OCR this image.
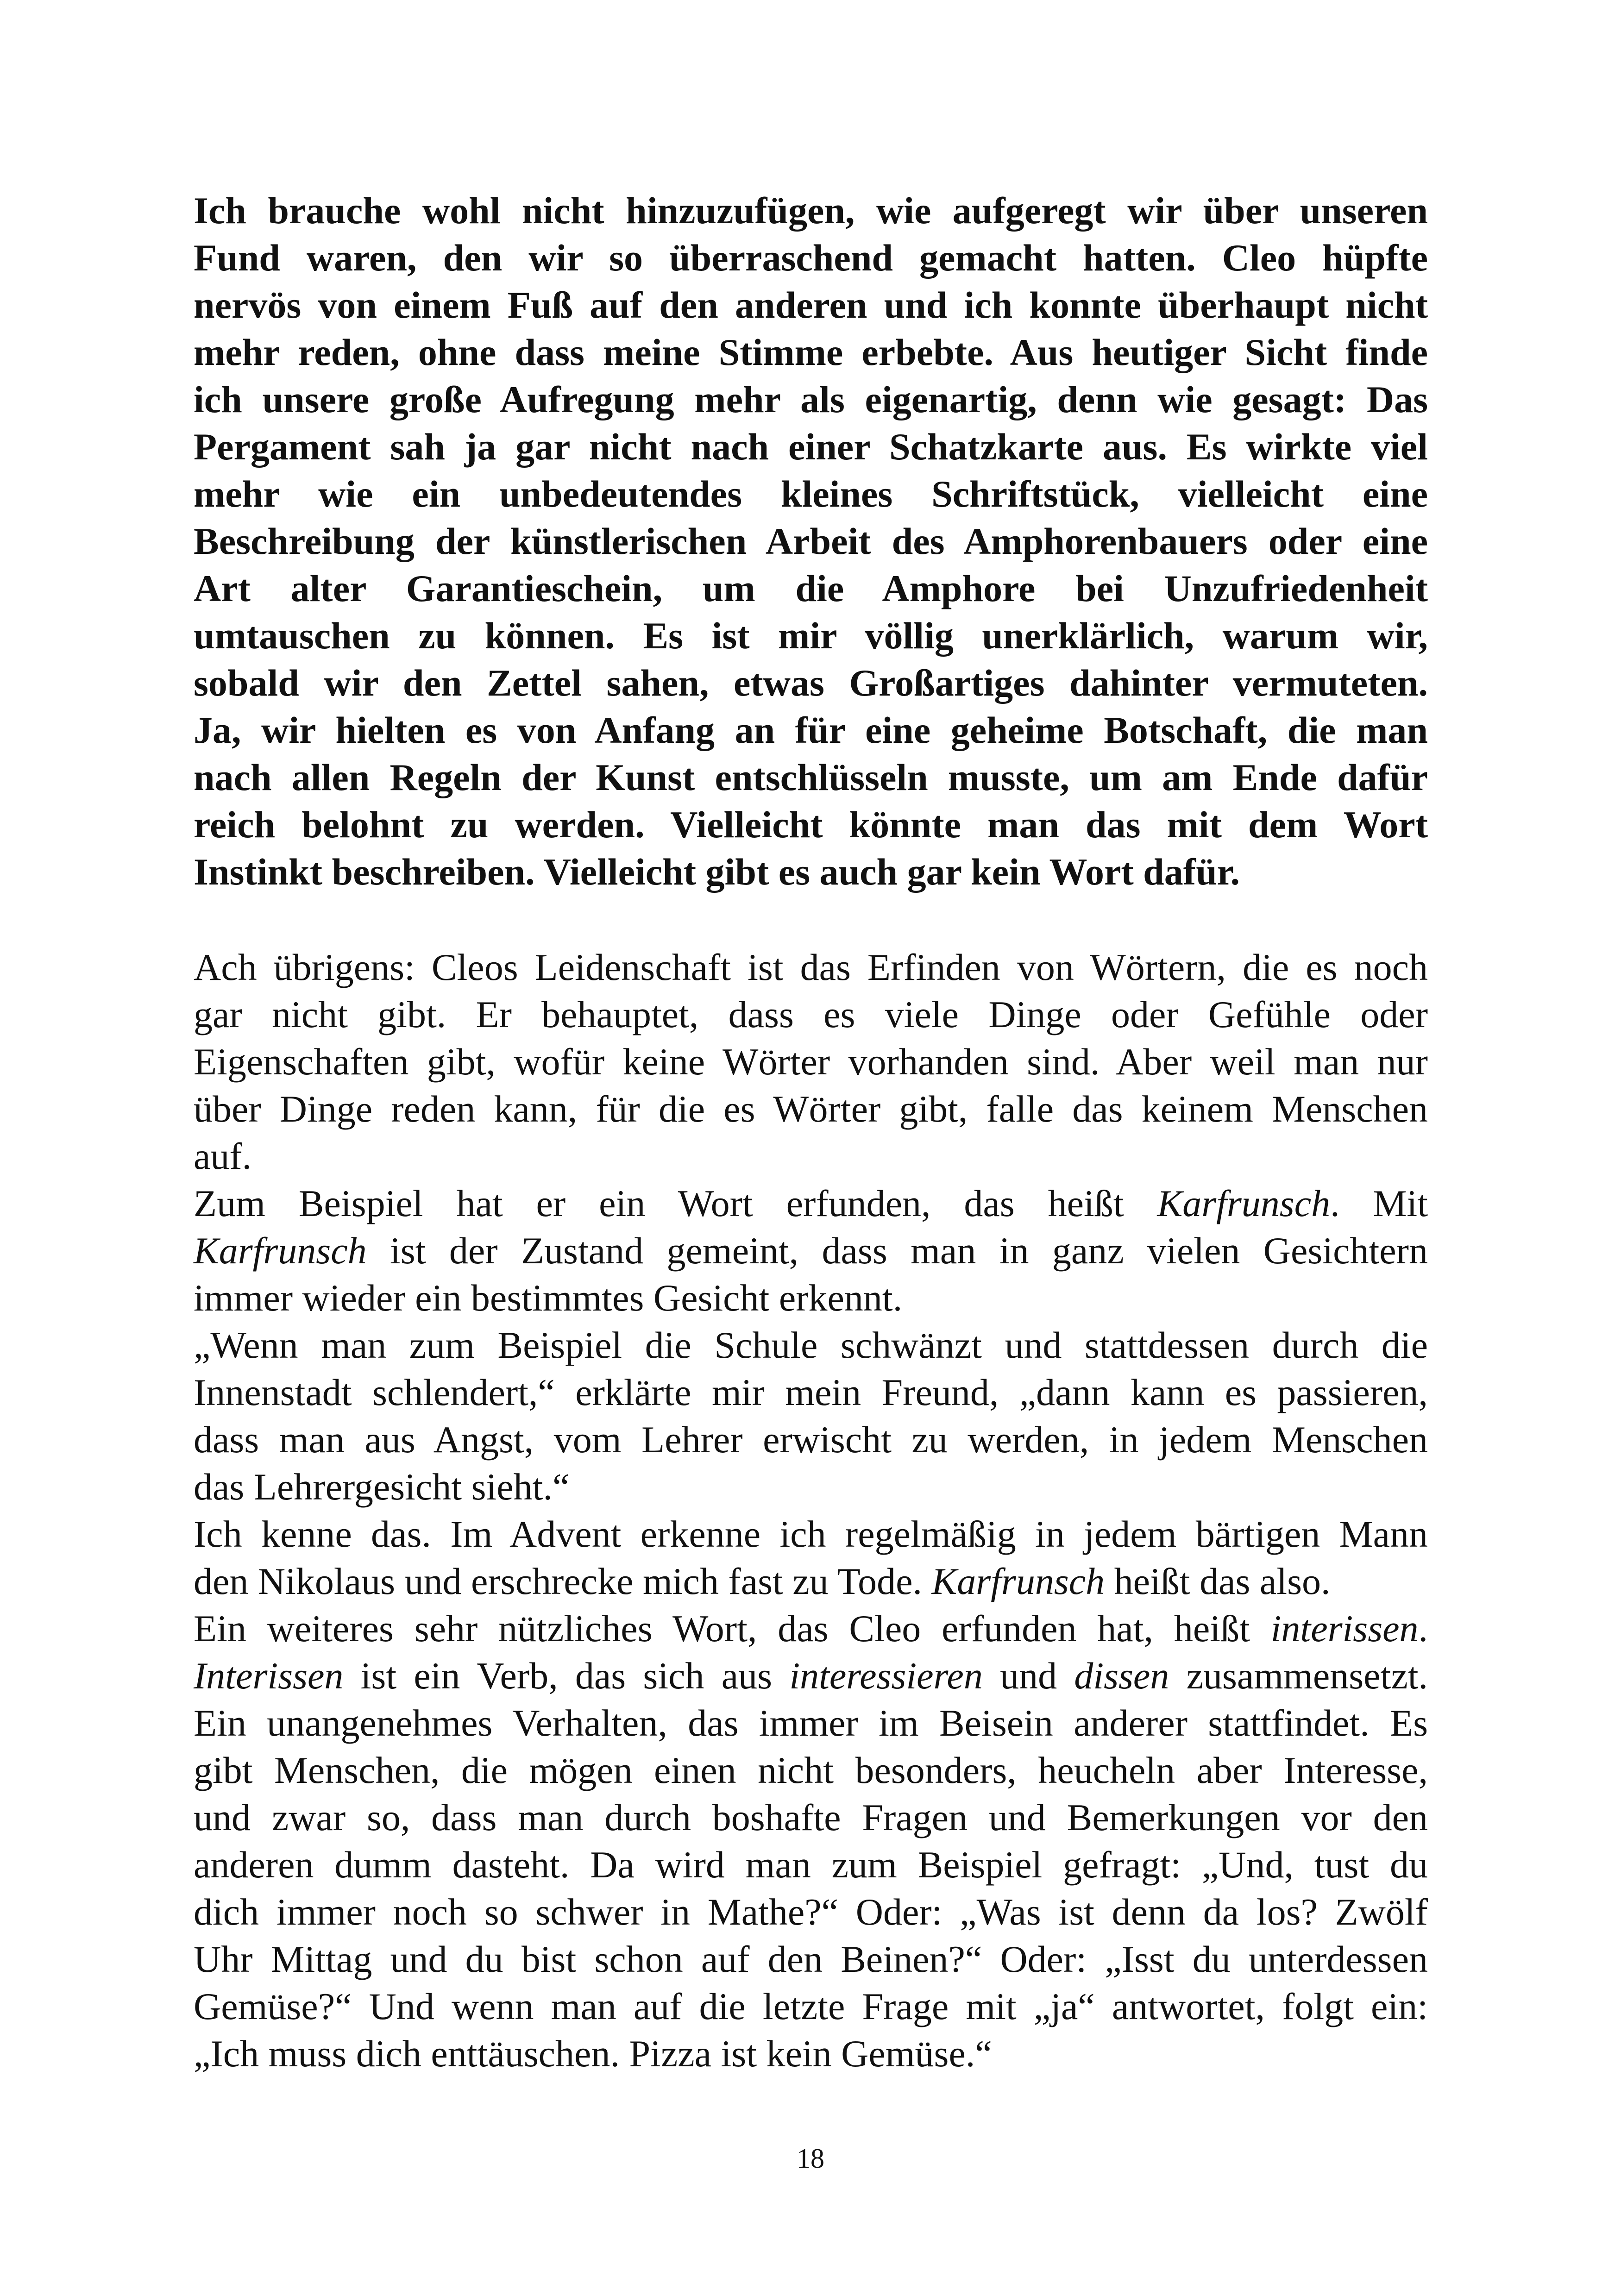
Ich brauche wohl nicht hinzuzufügen, wie aufgeregt wir über unseren
Fund waren, den wir so überraschend gemacht hatten. Cleo hüpfte
nervös von einem Fuß auf den anderen und ich konnte überhaupt nicht
mehr reden, ohne dass meine Stimme erbebte. Aus heutiger Sicht finde
ich unsere große Aufregung mehr als eigenartig, denn wie gesagt: Das
Pergament sah ja gar nicht nach einer Schatzkarte aus. Es wirkte viel
mehr wie ein unbedeutendes kleines Schriftstück, vielleicht eine
Beschreibung der künstlerischen Arbeit des Amphorenbauers oder eine
Art alter Garantieschein, um die Amphore bei Unzufriedenheit
umtauschen zu können. Es ist mir völlig unerklärlich, warum wir,
sobald wir den Zettel sahen, etwas Großartiges dahinter vermuteten.
Ja, wir hielten es von Anfang an für eine geheime Botschaft, die man
nach allen Regeln der Kunst entschlüsseln musste, um am Ende dafür
reich belohnt zu werden. Vielleicht könnte man das mit dem Wort
Instinkt beschreiben. Vielleicht gibt es auch gar kein Wort dafür.

Ach übrigens: Cleos Leidenschaft ist das Erfinden von Wörtern, die es noch
gar nicht gibt. Er behauptet, dass es viele Dinge oder Gefühle oder
Eigenschaften gibt, wofür keine Wörter vorhanden sind. Aber weil man nur
über Dinge reden kann, für die es Wörter gibt, falle das keinem Menschen
auf.

Zum Beispiel hat er ein Wort erfunden, das heißt Karfrunsch. Mit
Karfrunsch ist der Zustand gemeint, dass man in ganz vielen Gesichtern
immer wieder ein bestimmtes Gesicht erkennt.

„Wenn man zum Beispiel die Schule schwänzt und stattdessen durch die
Innenstadt schlendert,“ erklärte mir mein Freund, „dann kann es passieren,
dass man aus Angst, vom Lehrer erwischt zu werden, in jedem Menschen
das Lehrergesicht sieht.“

Ich kenne das. Im Advent erkenne ich regelmäßig in jedem bärtigen Mann
den Nikolaus und erschrecke mich fast zu Tode. Karfrunsch heißt das also.

Ein weiteres sehr nützliches Wort, das Cleo erfunden hat, heißt interissen.
Interissen ist ein Verb, das sich aus interessieren und dissen zusammensetzt.
Ein unangenehmes Verhalten, das immer im Beisein anderer stattfindet. Es
gibt Menschen, die mögen einen nicht besonders, heucheln aber Interesse,
und zwar so, dass man durch boshafte Fragen und Bemerkungen vor den
anderen dumm dasteht. Da wird man zum Beispiel gefragt: „Und, tust du
dich immer noch so schwer in Mathe?“ Oder: „Was ist denn da los? Zwölf
Uhr Mittag und du bist schon auf den Beinen?“ Oder: „Isst du unterdessen
Gemüse?“ Und wenn man auf die letzte Frage mit „ja“ antwortet, folgt ein:
„Ich muss dich enttäuschen. Pizza ist kein Gemüse.“

18
